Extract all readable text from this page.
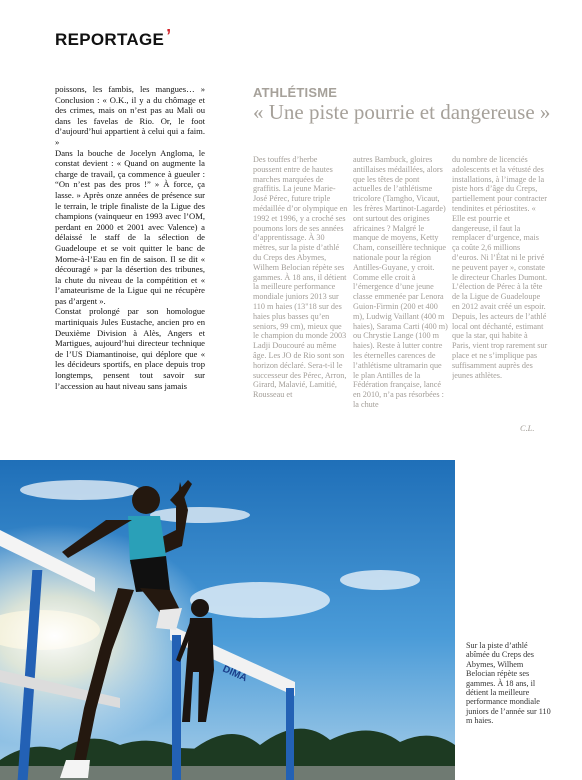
REPORTAGE ’

poissons, les fambis, les mangues… » Conclusion : « O.K., il y a du chômage et des crimes, mais on n’est pas au Mali ou dans les favelas de Rio. Or, le foot d’aujourd’hui appartient à celui qui a faim. »

Dans la bouche de Jocelyn Angloma, le constat devient : « Quand on augmente la charge de travail, ça commence à gueuler : “On n’est pas des pros !” » À force, ça lasse. » Après onze années de présence sur le terrain, le triple finaliste de la Ligue des champions (vainqueur en 1993 avec l’OM, perdant en 2000 et 2001 avec Valence) a délaissé le staff de la sélection de Guadeloupe et se voit quitter le banc de Morne-à-l’Eau en fin de saison. Il se dit « découragé » par la désertion des tribunes, la chute du niveau de la compétition et « l’amateurisme de la Ligue qui ne récupère pas d’argent ».

Constat prolongé par son homologue martiniquais Jules Eustache, ancien pro en Deuxième Division à Alès, Angers et Martigues, aujourd’hui directeur technique de l’US Diamantinoise, qui déplore que « les décideurs sportifs, en place depuis trop longtemps, pensent tout savoir sur l’accession au haut niveau sans jamais

ATHLÉTISME
« Une piste pourrie et dangereuse »
Des touffes d’herbe poussent entre de hautes marches marquées de graffitis. La jeune Marie-José Pérec, future triple médaillée d’or olympique en 1992 et 1996, y a croché ses poumons lors de ses années d’apprentissage. À 30 mètres, sur la piste d’athlé du Creps des Abymes, Wilhem Belocian répète ses gammes. À 18 ans, il détient la meilleure performance mondiale juniors 2013 sur 110 m haies (13"18 sur des haies plus basses qu’en seniors, 99 cm), mieux que le champion du monde 2003 Ladji Doucouré au même âge. Les JO de Rio sont son horizon déclaré. Sera-t-il le successeur des Pérec, Arron, Girard, Malavié, Lamitié, Rousseau et
autres Bambuck, gloires antillaises médaillées, alors que les têtes de pont actuelles de l’athlétisme tricolore (Tamgho, Vicaut, les frères Martinot-Lagarde) ont surtout des origines africaines ? Malgré le manque de moyens, Ketty Cham, conseillère technique nationale pour la région Antilles-Guyane, y croit. Comme elle croit à l’émergence d’une jeune classe emmenée par Lenora Guion-Firmin (200 et 400 m), Ludwig Vaillant (400 m haies), Sarama Carti (400 m) ou Chrystie Lange (100 m haies). Reste à lutter contre les éternelles carences de l’athlétisme ultramarin que le plan Antilles de la Fédération française, lancé en 2010, n’a pas résorbées : la chute
du nombre de licenciés adolescents et la vétusté des installations, à l’image de la piste hors d’âge du Creps, partiellement pour contracter tendinites et périostites. « Elle est pourrie et dangereuse, il faut la remplacer d’urgence, mais ça coûte 2,6 millions d’euros. Ni l’État ni le privé ne peuvent payer », constate le directeur Charles Dumont. L’élection de Pérec à la tête de la Ligue de Guadeloupe en 2012 avait créé un espoir. Depuis, les acteurs de l’athlé local ont déchanté, estimant que la star, qui habite à Paris, vient trop rarement sur place et ne s’implique pas suffisamment auprès des jeunes athlètes.
C.L.
DIMA
Sur la piste d’athlé abîmée du Creps des Abymes, Wilhem Belocian répète ses gammes. À 18 ans, il détient la meilleure performance mondiale juniors de l’année sur 110 m haies.
